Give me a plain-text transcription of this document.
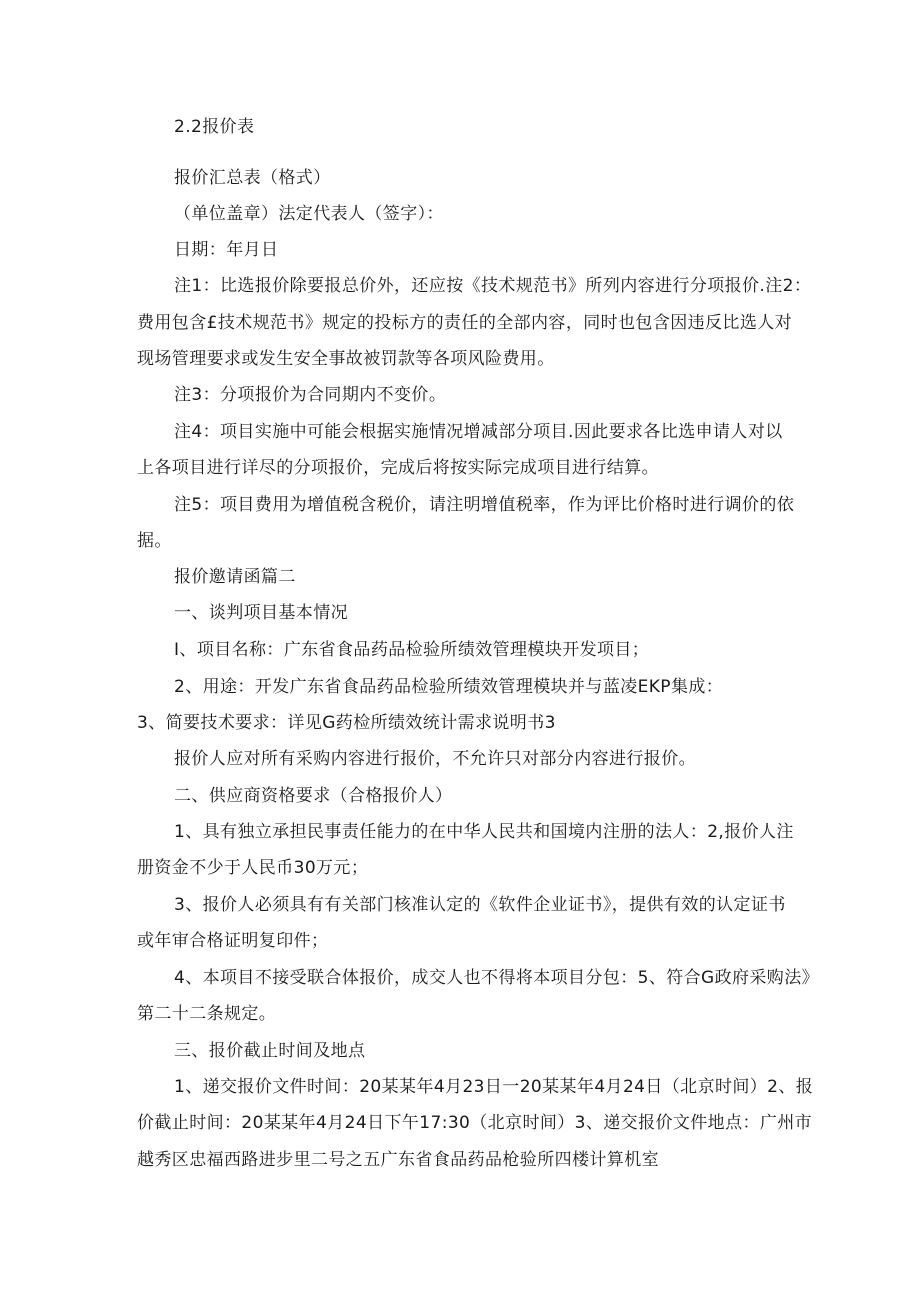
2.2报价表
报价汇总表（格式）
（单位盖章）法定代表人（签字）：
日期：年月日
注1：比选报价除要报总价外，还应按《技术规范书》所列内容进行分项报价.注2：
费用包含£技术规范书》规定的投标方的责任的全部内容，同时也包含因违反比选人对
现场管理要求或发生安全事故被罚款等各项风险费用。
注3：分项报价为合同期内不变价。
注4：项目实施中可能会根据实施情况增减部分项目.因此要求各比选申请人对以
上各项目进行详尽的分项报价，完成后将按实际完成项目进行结算。
注5：项目费用为增值税含税价，请注明增值税率，作为评比价格时进行调价的依
据。
报价邀请函篇二
一、谈判项目基本情况
I、项目名称：广东省食品药品检验所绩效管理模块开发项目；
2、用途：开发广东省食品药品检验所绩效管理模块并与蓝凌EKP集成：
3、简要技术要求：详见G药检所绩效统计需求说明书3
报价人应对所有采购内容进行报价，不允许只对部分内容进行报价。
二、供应商资格要求（合格报价人）
1、具有独立承担民事责任能力的在中华人民共和国境内注册的法人：2,报价人注
册资金不少于人民币30万元；
3、报价人必须具有有关部门核准认定的《软件企业证书》，提供有效的认定证书
或年审合格证明复印件；
4、本项目不接受联合体报价，成交人也不得将本项目分包：5、符合G政府采购法》
第二十二条规定。
三、报价截止时间及地点
1、递交报价文件时间：20某某年4月23日一20某某年4月24日（北京时间）2、报
价截止时间：20某某年4月24日下午17:30（北京时间）3、递交报价文件地点：广州市
越秀区忠福西路进步里二号之五广东省食品药品枪验所四楼计算机室
